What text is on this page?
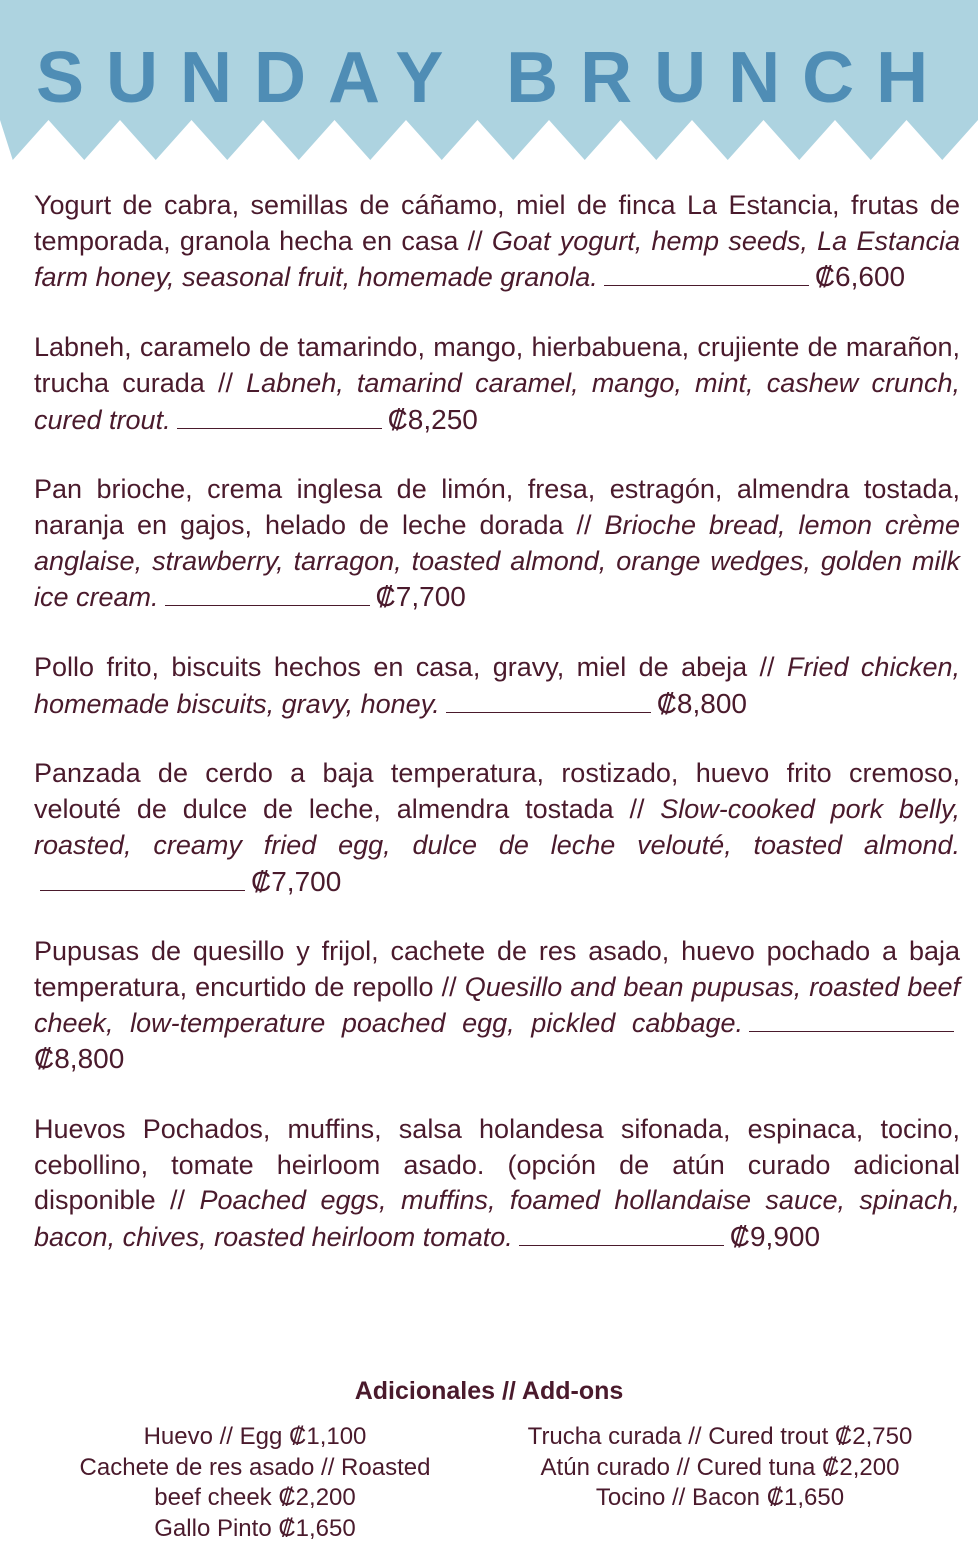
SUNDAY BRUNCH
Yogurt de cabra, semillas de cáñamo, miel de finca La Estancia, frutas de temporada, granola hecha en casa // Goat yogurt, hemp seeds, La Estancia farm honey, seasonal fruit, homemade granola.	₡6,600
Labneh, caramelo de tamarindo, mango, hierbabuena, crujiente de marañon, trucha curada // Labneh, tamarind caramel, mango, mint, cashew crunch, cured trout.	₡8,250
Pan brioche, crema inglesa de limón, fresa, estragón, almendra tostada, naranja en gajos, helado de leche dorada // Brioche bread, lemon crème anglaise, strawberry, tarragon, toasted almond, orange wedges, golden milk ice cream.	₡7,700
Pollo frito, biscuits hechos en casa, gravy, miel de abeja // Fried chicken, homemade biscuits, gravy, honey.	₡8,800
Panzada de cerdo a baja temperatura, rostizado, huevo frito cremoso, velouté de dulce de leche, almendra tostada // Slow-cooked pork belly, roasted, creamy fried egg, dulce de leche velouté, toasted almond.₡7,700
Pupusas de quesillo y frijol, cachete de res asado, huevo pochado a baja temperatura, encurtido de repollo // Quesillo and bean pupusas, roasted beef cheek, low-temperature poached egg, pickled cabbage.₡8,800
Huevos Pochados, muffins, salsa holandesa sifonada, espinaca, tocino, cebollino, tomate heirloom asado. (opción de atún curado adicional disponible // Poached eggs, muffins, foamed hollandaise sauce, spinach, bacon, chives, roasted heirloom tomato.	₡9,900
Adicionales // Add-ons
Huevo // Egg ₡1,100
Cachete de res asado // Roasted
beef cheek ₡2,200
Gallo Pinto ₡1,650
Trucha curada // Cured trout ₡2,750
Atún curado // Cured tuna ₡2,200
Tocino // Bacon ₡1,650
